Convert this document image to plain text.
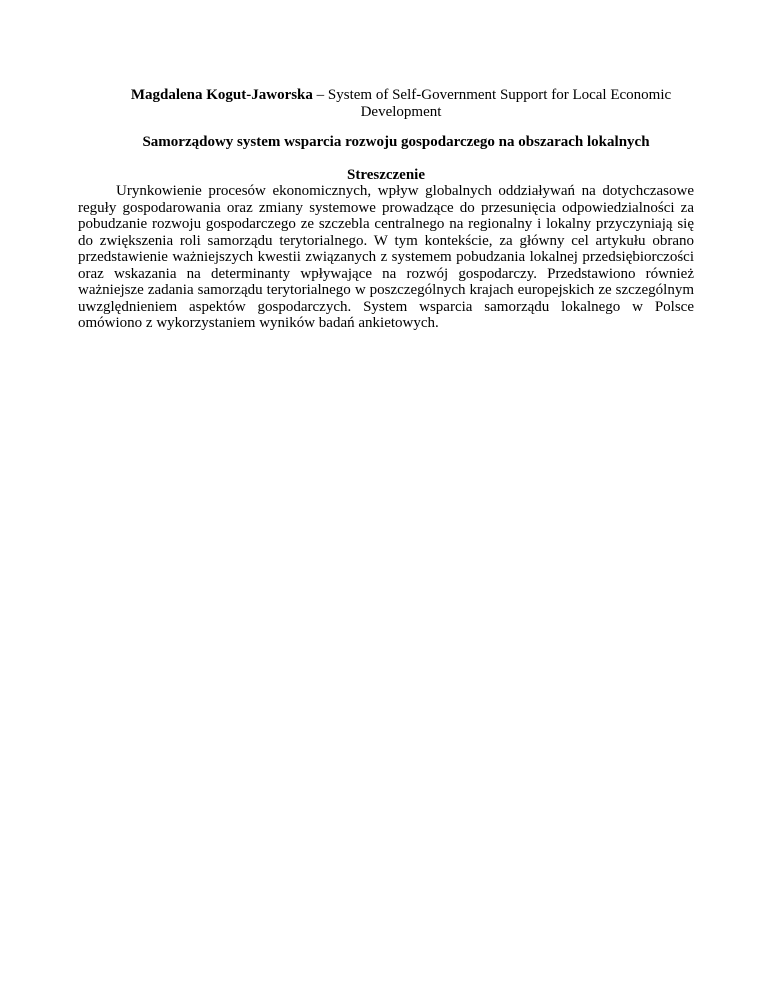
Magdalena Kogut-Jaworska – System of Self-Government Support for Local Economic Development
Samorządowy system wsparcia rozwoju gospodarczego na obszarach lokalnych
Streszczenie

Urynkowienie procesów ekonomicznych, wpływ globalnych oddziaływań na dotychczasowe reguły gospodarowania oraz zmiany systemowe prowadzące do przesunięcia odpowiedzialności za pobudzanie rozwoju gospodarczego ze szczebla centralnego na regionalny i lokalny przyczyniają się do zwiększenia roli samorządu terytorialnego. W tym kontekście, za główny cel artykułu obrano przedstawienie ważniejszych kwestii związanych z systemem pobudzania lokalnej przedsiębiorczości oraz wskazania na determinanty wpływające na rozwój gospodarczy. Przedstawiono również ważniejsze zadania samorządu terytorialnego w poszczególnych krajach europejskich ze szczególnym uwzględnieniem aspektów gospodarczych. System wsparcia samorządu lokalnego w Polsce omówiono z wykorzystaniem wyników badań ankietowych.
